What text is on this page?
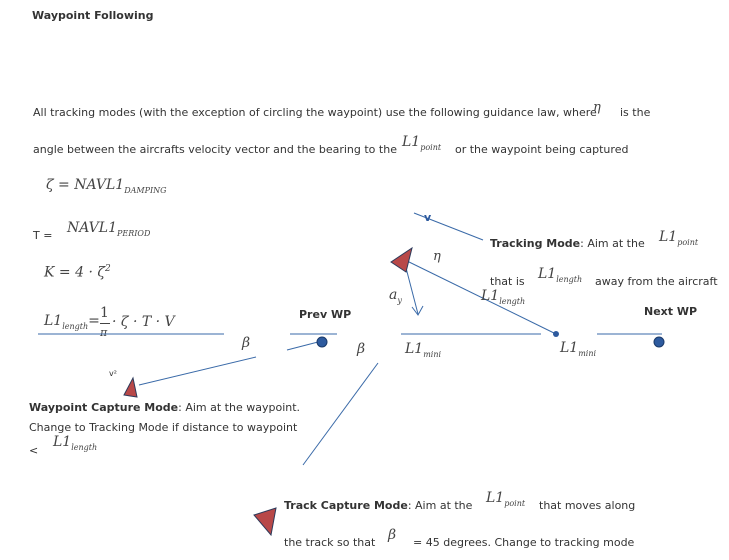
Waypoint Following
All tracking modes (with the exception of circling the waypoint) use the following guidance law, where
η is the
angle between the aircrafts velocity vector and the bearing to the $L1_{point}$ or the waypoint being captured
$\zeta = NAVL1_{DAMPING}$
$T = NAVL1_{PERIOD}$
$K = 4 \cdot \zeta^2$
$L1_{length}= 1$
π
· ζ · T · V	Prev WP	Next WP
β	β
η
$a_y$
v
v²
$L1_{length}$
$L1_{mini}$	$L1_{mini}$
Tracking Mode: Aim at the $L1_{point}$
that is $L1_{length}$ away from the aircraft
Waypoint Capture Mode: Aim at the waypoint.
Change to Tracking Mode if distance to waypoint
<
$L1_{length}$
Track Capture Mode: Aim at the $L1_{point}$ that moves along
the track so that β = 45 degrees. Change to tracking mode
